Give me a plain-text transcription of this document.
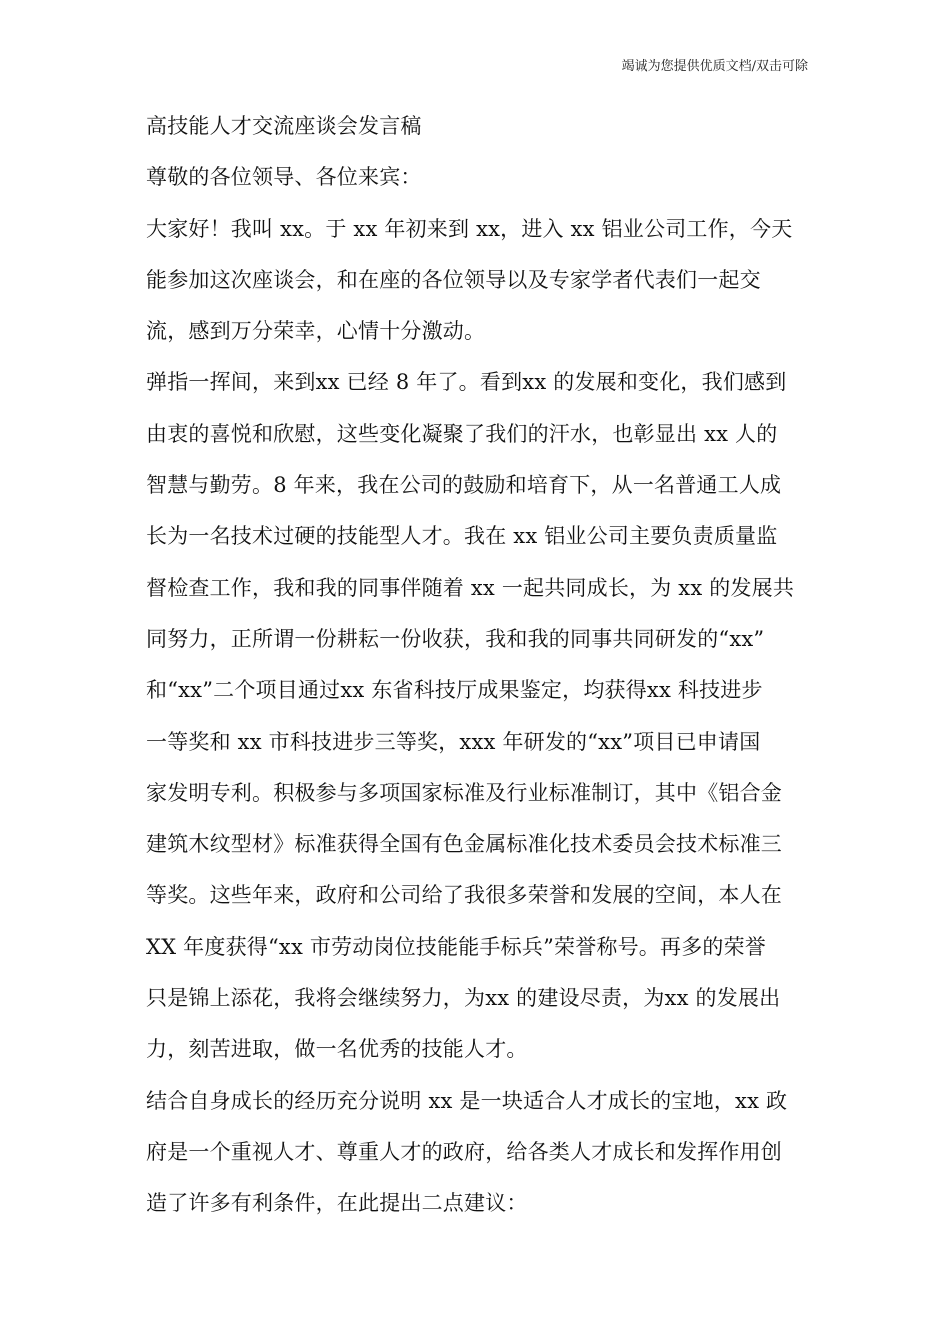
竭诚为您提供优质文档/双击可除
高技能人才交流座谈会发言稿
尊敬的各位领导、各位来宾：
大家好！我叫 xx。于 xx 年初来到 xx，进入 xx 铝业公司工作，今天
能参加这次座谈会，和在座的各位领导以及专家学者代表们一起交
流，感到万分荣幸，心情十分激动。
弹指一挥间，来到xx 已经 8 年了。看到xx 的发展和变化，我们感到
由衷的喜悦和欣慰，这些变化凝聚了我们的汗水，也彰显出 xx 人的
智慧与勤劳。8 年来，我在公司的鼓励和培育下，从一名普通工人成
长为一名技术过硬的技能型人才。我在 xx 铝业公司主要负责质量监
督检查工作，我和我的同事伴随着 xx 一起共同成长，为 xx 的发展共
同努力，正所谓一份耕耘一份收获，我和我的同事共同研发的“xx”
和“xx”二个项目通过xx 东省科技厅成果鉴定，均获得xx 科技进步
一等奖和 xx 市科技进步三等奖，xxx 年研发的“xx”项目已申请国
家发明专利。积极参与多项国家标准及行业标准制订，其中《铝合金
建筑木纹型材》标准获得全国有色金属标准化技术委员会技术标准三
等奖。这些年来，政府和公司给了我很多荣誉和发展的空间，本人在
XX 年度获得“xx 市劳动岗位技能能手标兵”荣誉称号。再多的荣誉
只是锦上添花，我将会继续努力，为xx 的建设尽责，为xx 的发展出
力，刻苦进取，做一名优秀的技能人才。
结合自身成长的经历充分说明 xx 是一块适合人才成长的宝地，xx 政
府是一个重视人才、尊重人才的政府，给各类人才成长和发挥作用创
造了许多有利条件，在此提出二点建议：
